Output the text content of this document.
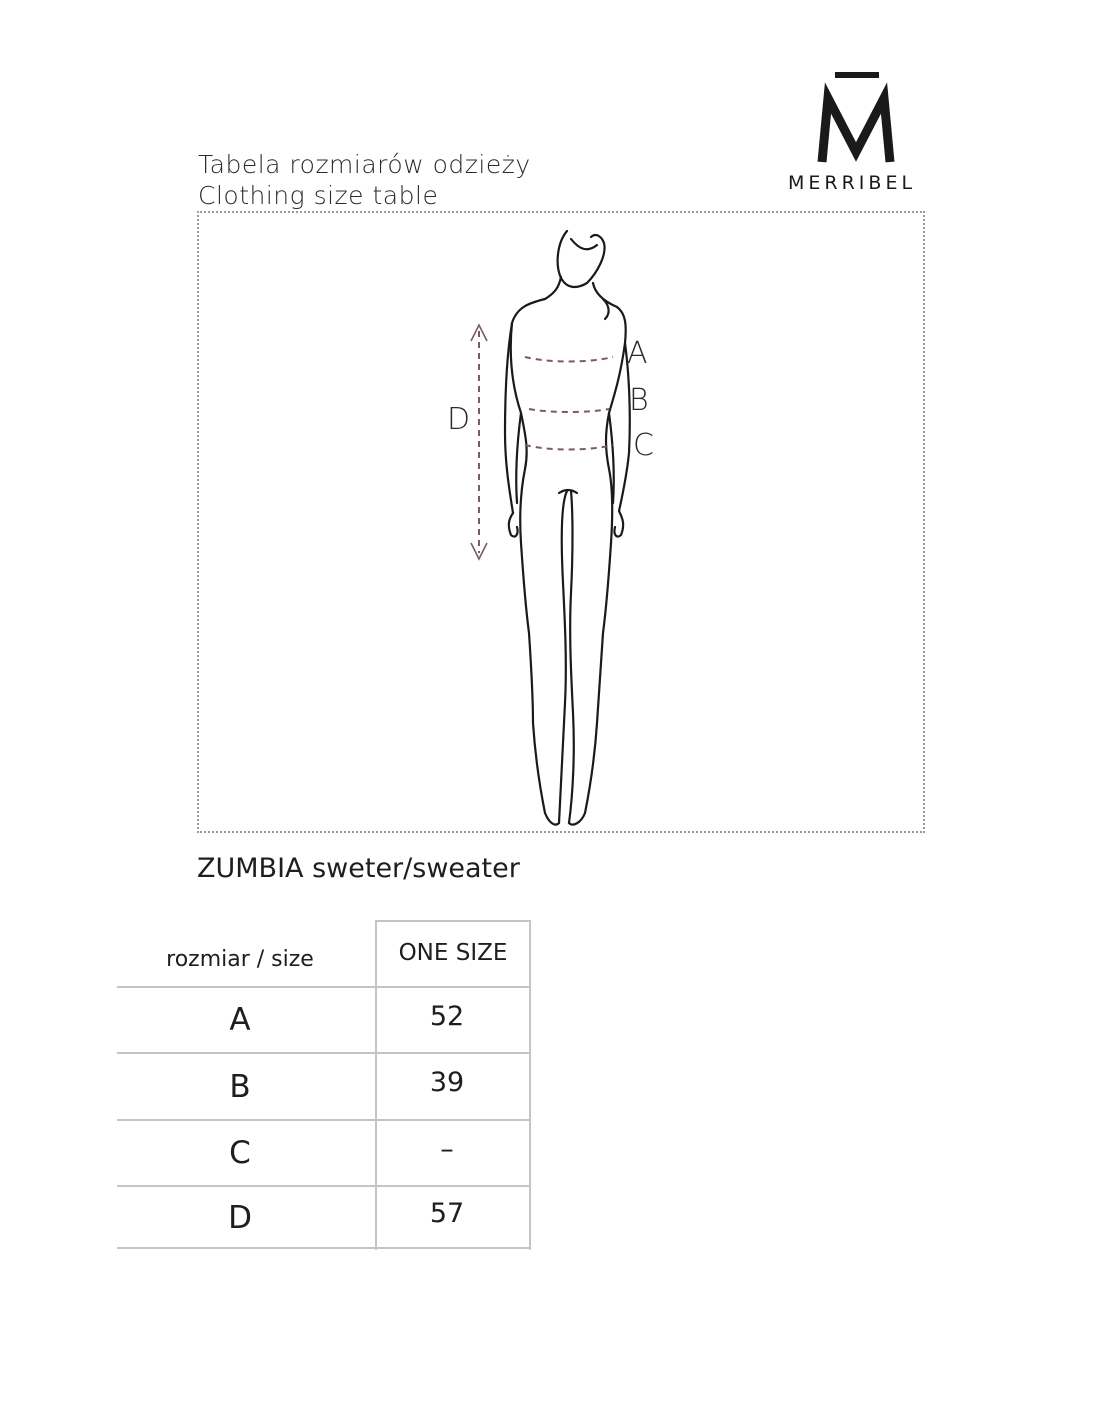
Tabela rozmiarów odzieży
Clothing size table	MERRIBEL
A
B
C
D
ZUMBIA sweter/sweater
rozmiar / size	ONE SIZE
A	52
B	39
C	–
D	57
